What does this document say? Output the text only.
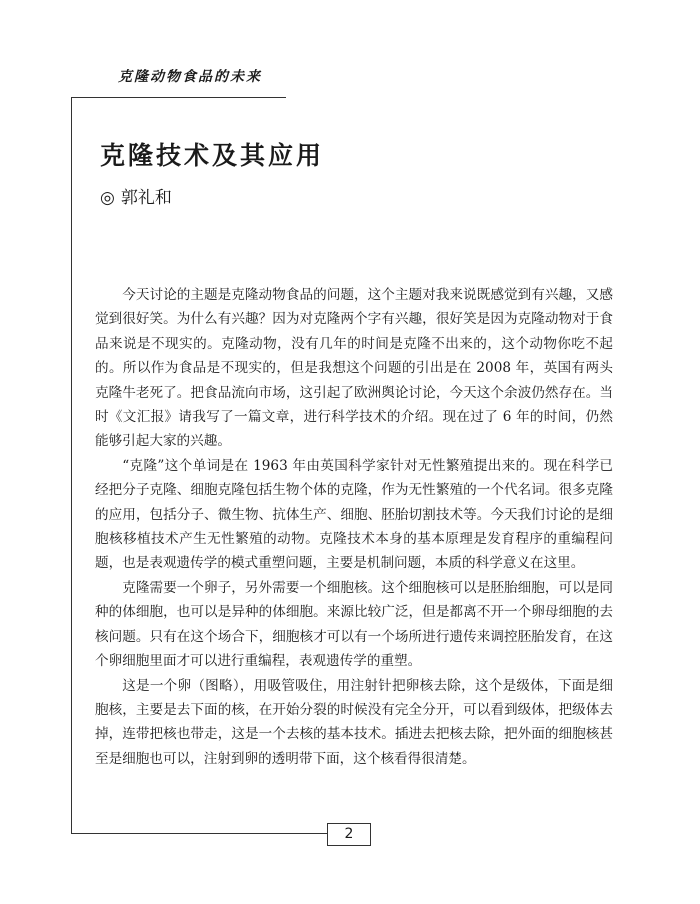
克隆动物食品的未来
克隆技术及其应用
◎ 郭礼和

今天讨论的主题是克隆动物食品的问题，这个主题对我来说既感觉到有兴趣，又感觉到很好笑。为什么有兴趣？因为对克隆两个字有兴趣，很好笑是因为克隆动物对于食品来说是不现实的。克隆动物，没有几年的时间是克隆不出来的，这个动物你吃不起的。所以作为食品是不现实的，但是我想这个问题的引出是在 2008 年，英国有两头克隆牛老死了。把食品流向市场，这引起了欧洲舆论讨论，今天这个余波仍然存在。当时《文汇报》请我写了一篇文章，进行科学技术的介绍。现在过了 6 年的时间，仍然能够引起大家的兴趣。

“克隆”这个单词是在 1963 年由英国科学家针对无性繁殖提出来的。现在科学已经把分子克隆、细胞克隆包括生物个体的克隆，作为无性繁殖的一个代名词。很多克隆的应用，包括分子、微生物、抗体生产、细胞、胚胎切割技术等。今天我们讨论的是细胞核移植技术产生无性繁殖的动物。克隆技术本身的基本原理是发育程序的重编程问题，也是表观遗传学的模式重塑问题，主要是机制问题，本质的科学意义在这里。

克隆需要一个卵子，另外需要一个细胞核。这个细胞核可以是胚胎细胞，可以是同种的体细胞，也可以是异种的体细胞。来源比较广泛，但是都离不开一个卵母细胞的去核问题。只有在这个场合下，细胞核才可以有一个场所进行遗传来调控胚胎发育，在这个卵细胞里面才可以进行重编程，表观遗传学的重塑。

这是一个卵（图略），用吸管吸住，用注射针把卵核去除，这个是级体，下面是细胞核，主要是去下面的核，在开始分裂的时候没有完全分开，可以看到级体，把级体去掉，连带把核也带走，这是一个去核的基本技术。插进去把核去除，把外面的细胞核甚至是细胞也可以，注射到卵的透明带下面，这个核看得很清楚。

2
